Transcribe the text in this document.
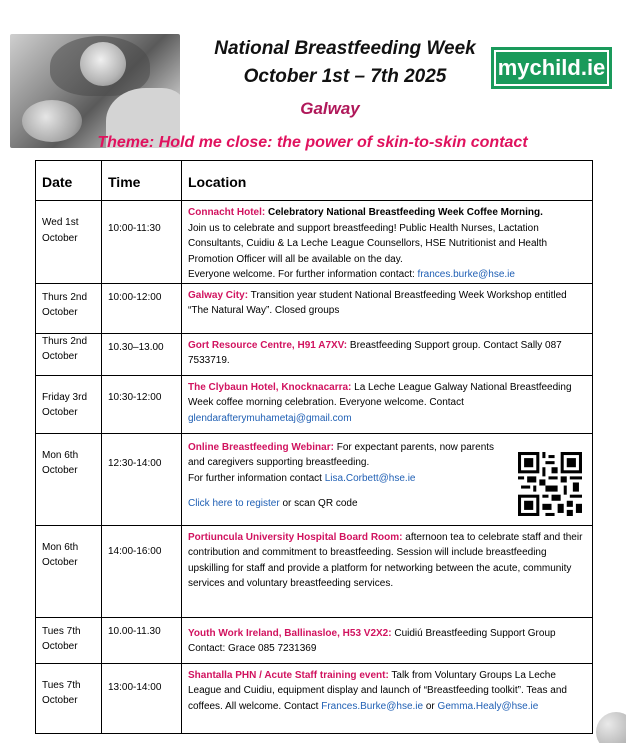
National Breastfeeding Week
October 1st – 7th 2025
Galway
mychild.ie
Theme: Hold me close: the power of skin-to-skin contact
Date	Time	Location
Wed 1st
October	10:00-11:30	Connacht Hotel: Celebratory National Breastfeeding Week Coffee Morning.
Join us to celebrate and support breastfeeding! Public Health Nurses, Lactation Consultants, Cuidiu & La Leche League Counsellors, HSE Nutritionist and Health Promotion Officer will all be available on the day.
Everyone welcome. For further information contact: frances.burke@hse.ie
Thurs 2nd
October	10:00-12:00	Galway City: Transition year student National Breastfeeding Week Workshop entitled “The Natural Way”. Closed groups
Thurs 2nd
October	10.30–13.00	Gort Resource Centre, H91 A7XV: Breastfeeding Support group. Contact Sally 087 7533719.
Friday 3rd
October	10:30-12:00	The Clybaun Hotel, Knocknacarra: La Leche League Galway National Breastfeeding Week coffee morning celebration. Everyone welcome. Contact glendarafterymuhametaj@gmail.com
Mon 6th
October	12:30-14:00	Online Breastfeeding Webinar: For expectant parents, now parents and caregivers supporting breastfeeding.
For further information contact Lisa.Corbett@hse.ie

Click here to register or scan QR code

Mon 6th
October	14:00-16:00	Portiuncula University Hospital Board Room: afternoon tea to celebrate staff and their contribution and commitment to breastfeeding. Session will include breastfeeding upskilling for staff and provide a platform for networking between the acute, community services and voluntary breastfeeding services.
Tues 7th
October	10.00-11.30	Youth Work Ireland, Ballinasloe, H53 V2X2: Cuidiú Breastfeeding Support Group Contact: Grace 085 7231369
Tues 7th
October	13:00-14:00	Shantalla PHN / Acute Staff training event: Talk from Voluntary Groups La Leche League and Cuidiu, equipment display and launch of “Breastfeeding toolkit”. Teas and coffees. All welcome. Contact Frances.Burke@hse.ie or Gemma.Healy@hse.ie
